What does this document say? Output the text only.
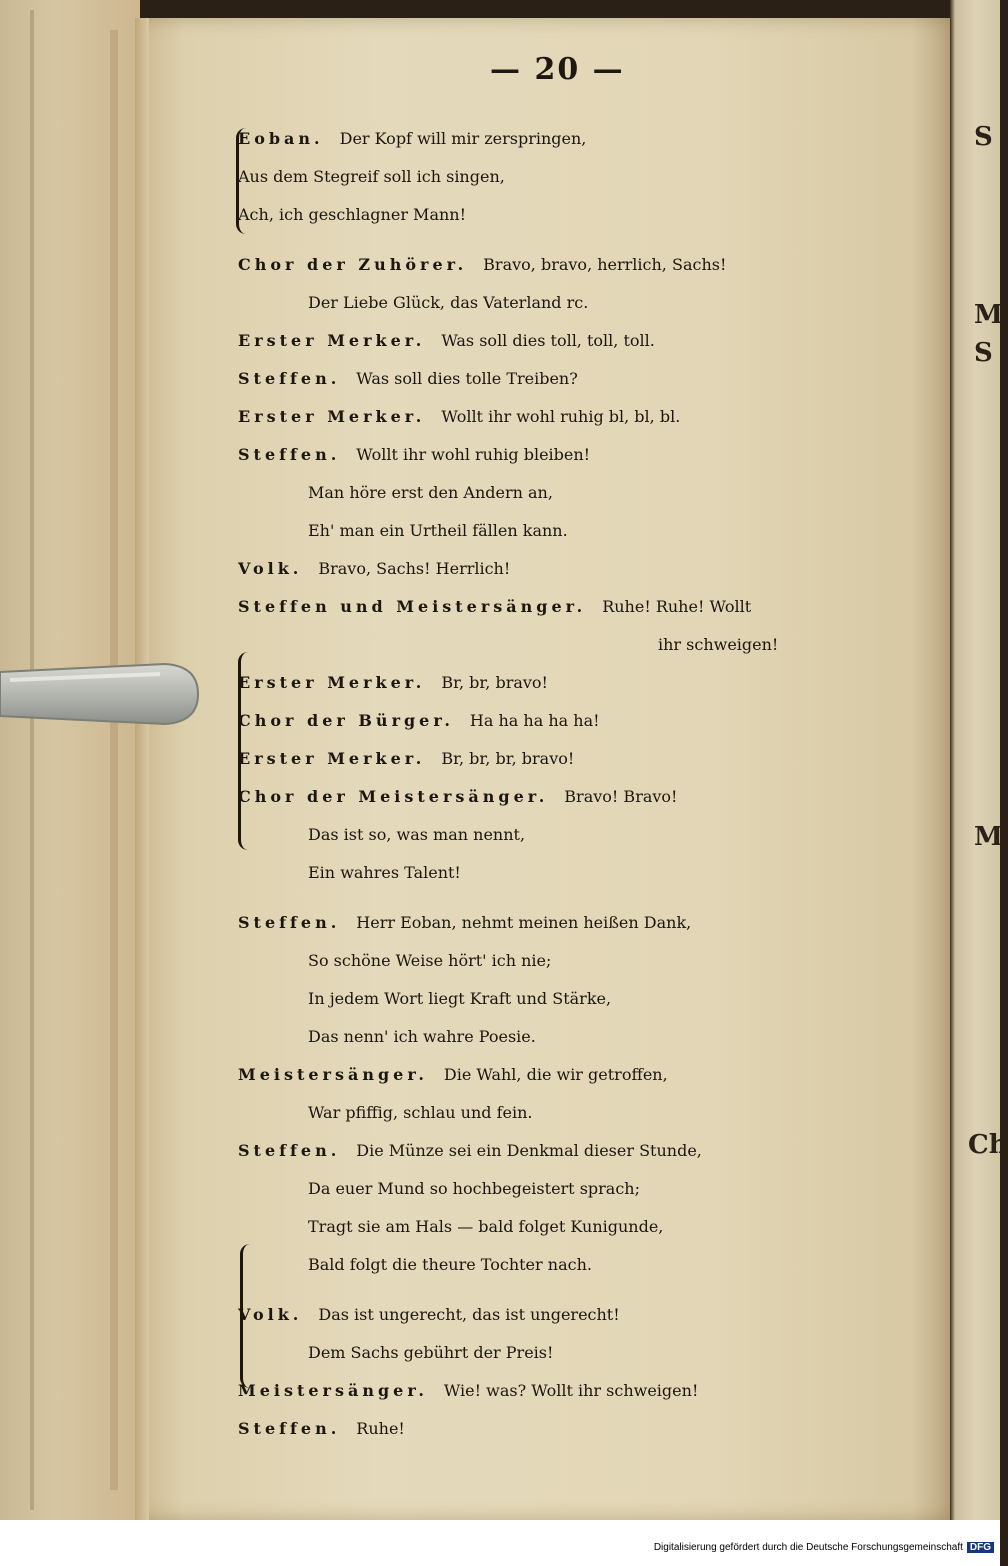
S
M
S
M
Ch
— 20 —
Eoban.  Der Kopf will mir zerspringen,
Aus dem Stegreif soll ich singen,
Ach, ich geschlagner Mann!
Chor der Zuhörer.  Bravo, bravo, herrlich, Sachs!
Der Liebe Glück, das Vaterland rc.
Erster Merker.  Was soll dies toll, toll, toll.
Steffen.  Was soll dies tolle Treiben?
Erster Merker.  Wollt ihr wohl ruhig bl, bl, bl.
Steffen.  Wollt ihr wohl ruhig bleiben!
Man höre erst den Andern an,
Eh' man ein Urtheil fällen kann.
Volk.  Bravo, Sachs! Herrlich!
Steffen und Meistersänger.  Ruhe! Ruhe! Wollt
ihr schweigen!
Erster Merker.  Br, br, bravo!
Chor der Bürger.  Ha ha ha ha ha!
Erster Merker.  Br, br, br, bravo!
Chor der Meistersänger.  Bravo! Bravo!
Das ist so, was man nennt,
Ein wahres Talent!
Steffen.  Herr Eoban, nehmt meinen heißen Dank,
So schöne Weise hört' ich nie;
In jedem Wort liegt Kraft und Stärke,
Das nenn' ich wahre Poesie.
Meistersänger.  Die Wahl, die wir getroffen,
War pfiffig, schlau und fein.
Steffen.  Die Münze sei ein Denkmal dieser Stunde,
Da euer Mund so hochbegeistert sprach;
Tragt sie am Hals — bald folget Kunigunde,
Bald folgt die theure Tochter nach.
Volk.  Das ist ungerecht, das ist ungerecht!
Dem Sachs gebührt der Preis!
Meistersänger.  Wie! was? Wollt ihr schweigen!
Steffen.  Ruhe!
Digitalisierung gefördert durch die Deutsche Forschungsgemeinschaft DFG
